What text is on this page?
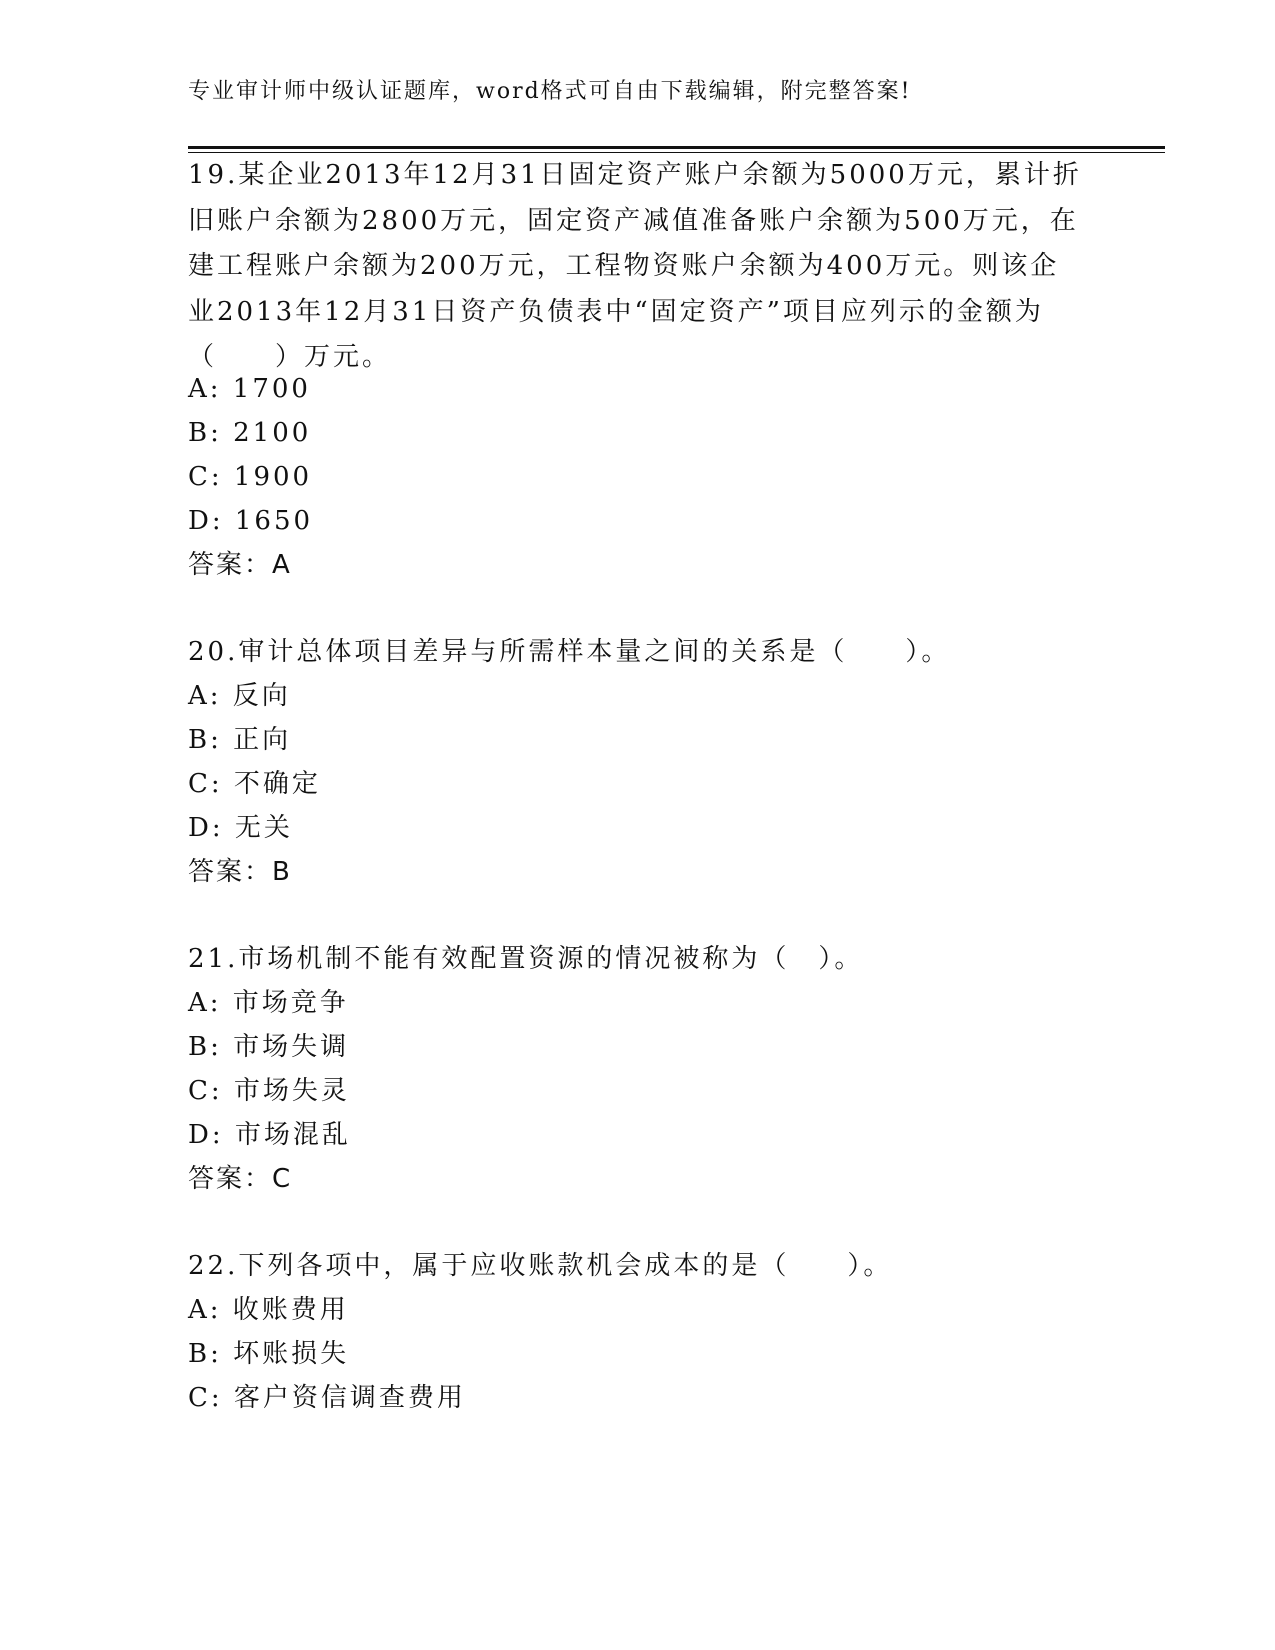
专业审计师中级认证题库，word格式可自由下载编辑，附完整答案!
19.某企业2013年12月31日固定资产账户余额为5000万元，累计折旧账户余额为2800万元，固定资产减值准备账户余额为500万元，在建工程账户余额为200万元，工程物资账户余额为400万元。则该企业2013年12月31日资产负债表中“固定资产”项目应列示的金额为（　　）万元。
A: 1700
B: 2100
C: 1900
D: 1650
答案：A
20.审计总体项目差异与所需样本量之间的关系是（　　）。
A: 反向
B: 正向
C: 不确定
D: 无关
答案：B
21.市场机制不能有效配置资源的情况被称为（　）。
A: 市场竞争
B: 市场失调
C: 市场失灵
D: 市场混乱
答案：C
22.下列各项中，属于应收账款机会成本的是（　　）。
A: 收账费用
B: 坏账损失
C: 客户资信调查费用
